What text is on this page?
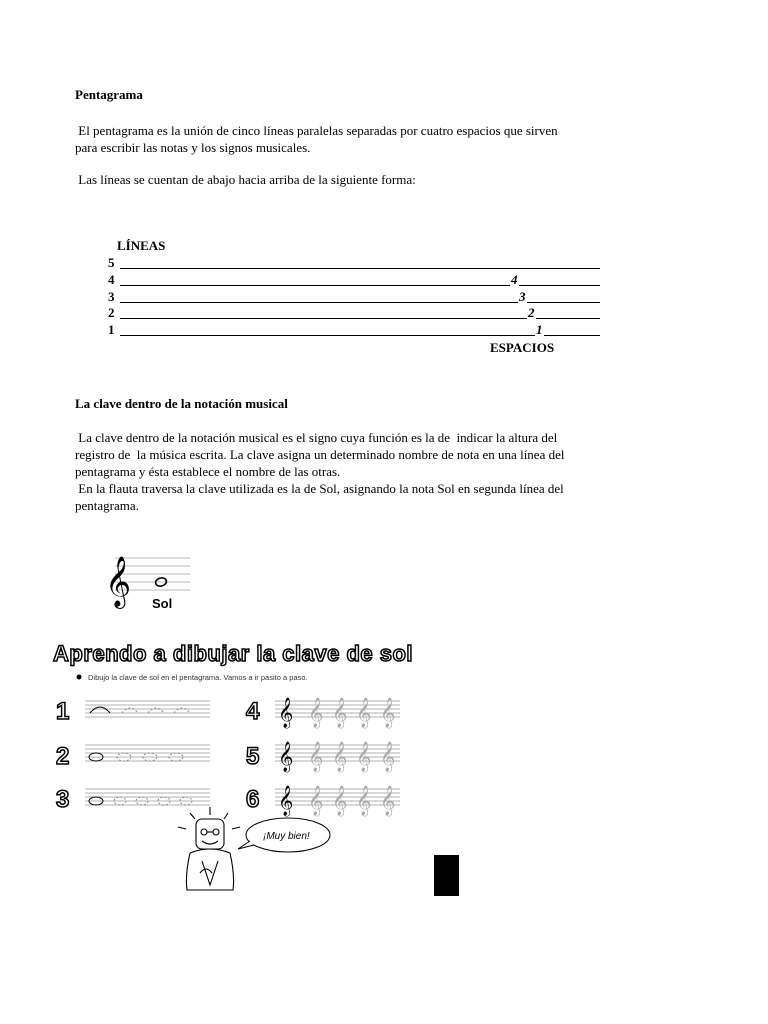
Pentagrama
El pentagrama es la unión de cinco líneas paralelas separadas por cuatro espacios que sirven
para escribir las notas y los signos musicales.
Las líneas se cuentan de abajo hacia arriba de la siguiente forma:
LÍNEAS
5
4	4
3	3
2	2
1	1
ESPACIOS
La clave dentro de la notación musical
La clave dentro de la notación musical es el signo cuya función es la de  indicar la altura del
registro de  la música escrita. La clave asigna un determinado nombre de nota en una línea del
pentagrama y ésta establece el nombre de las otras.
En la flauta traversa la clave utilizada es la de Sol, asignando la nota Sol en segunda línea del
pentagrama.
𝄞 Sol
Aprendo a dibujar la clave de sol
Dibujo la clave de sol en el pentagrama. Vamos a ir pasito a paso.
1
2
3
4
5
6
𝄞 𝄞 𝄞 𝄞 𝄞
𝄞 𝄞 𝄞 𝄞 𝄞
𝄞 𝄞 𝄞 𝄞 𝄞
¡Muy bien!
